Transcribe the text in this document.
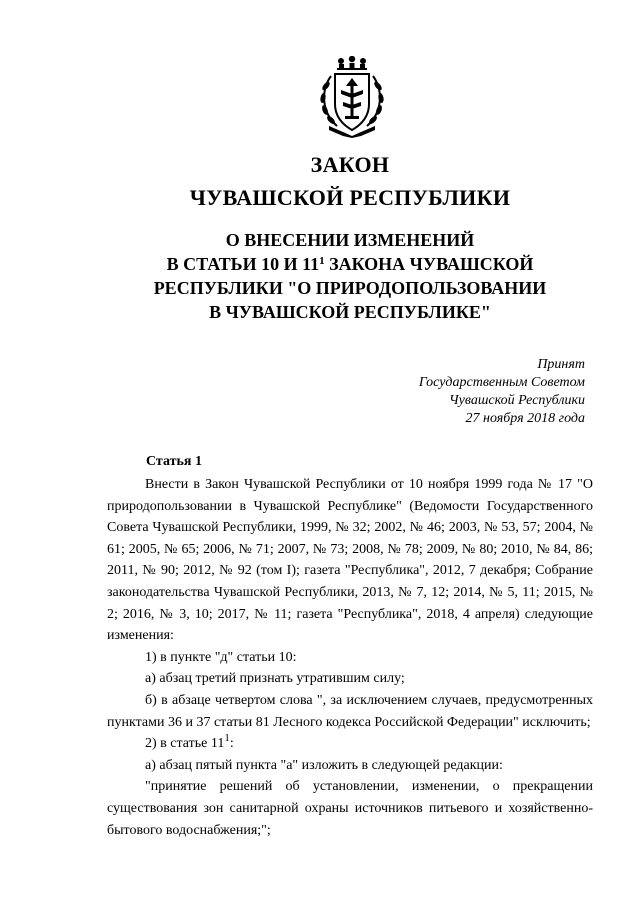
ЗАКОН
ЧУВАШСКОЙ РЕСПУБЛИКИ
О ВНЕСЕНИИ ИЗМЕНЕНИЙ
В СТАТЬИ 10 И $11^1$ ЗАКОНА ЧУВАШСКОЙ
РЕСПУБЛИКИ "О ПРИРОДОПОЛЬЗОВАНИИ
В ЧУВАШСКОЙ РЕСПУБЛИКЕ"
Принят
Государственным Советом
Чувашской Республики
27 ноября 2018 года
Статья 1

Внести в Закон Чувашской Республики от 10 ноября 1999 года № 17 "О природопользовании в Чувашской Республике" (Ведомости Государственного Совета Чувашской Республики, 1999, № 32; 2002, № 46; 2003, № 53, 57; 2004, № 61; 2005, № 65; 2006, № 71; 2007, № 73; 2008, № 78; 2009, № 80; 2010, № 84, 86; 2011, № 90; 2012, № 92 (том I); газета "Республика", 2012, 7 декабря; Собрание законодательства Чувашской Республики, 2013, № 7, 12; 2014, № 5, 11; 2015, № 2; 2016, № 3, 10; 2017, № 11; газета "Республика", 2018, 4 апреля) следующие изменения:

1) в пункте "д" статьи 10:

а) абзац третий признать утратившим силу;

б) в абзаце четвертом слова ", за исключением случаев, предусмотренных пунктами 36 и 37 статьи 81 Лесного кодекса Российской Федерации" исключить;

2) в статье $11^1$:

а) абзац пятый пункта "а" изложить в следующей редакции:

"принятие решений об установлении, изменении, о прекращении существования зон санитарной охраны источников питьевого и хозяйственно-бытового водоснабжения;";
